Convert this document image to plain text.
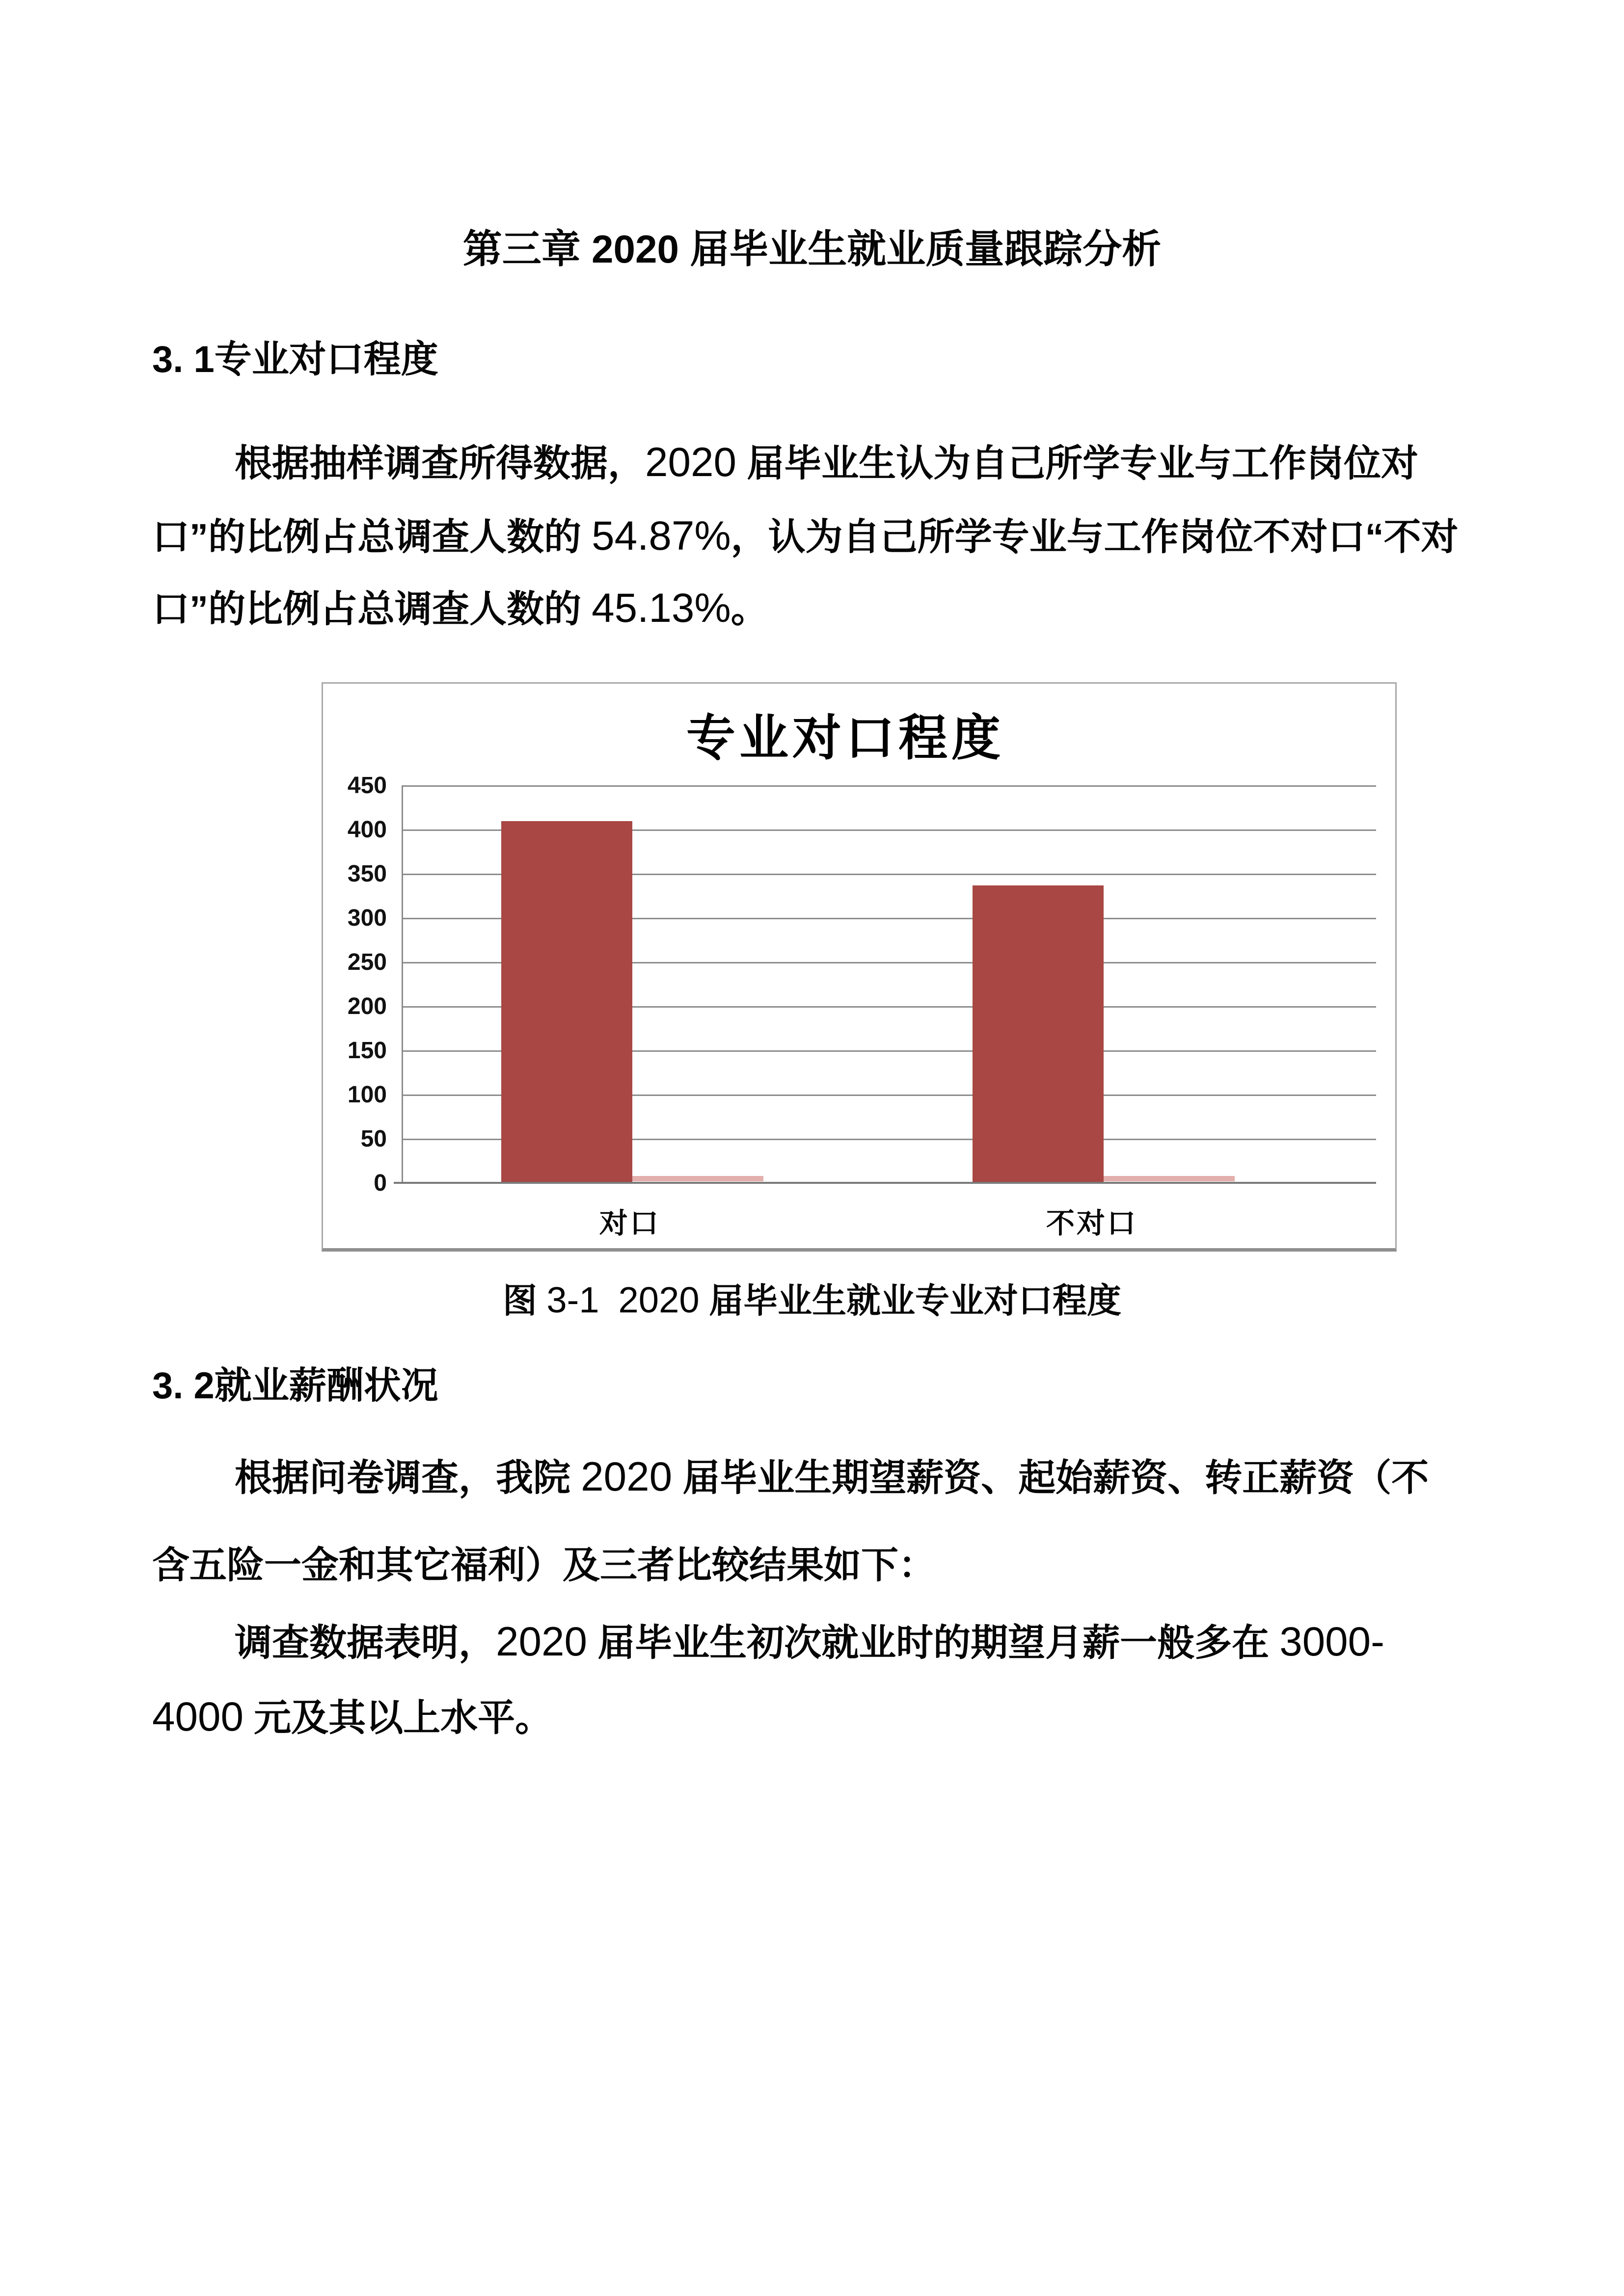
第三章 2020 届毕业生就业质量跟踪分析
3. 1专业对口程度
根据抽样调查所得数据，2020 届毕业生认为自己所学专业与工作岗位对
口”的比例占总调查人数的 54.87%，认为自己所学专业与工作岗位不对口“不对
口”的比例占总调查人数的 45.13%。
专业对口程度
450
400
350
300
250
200
150
100
50
0
对口	不对口
图 3-1 2020 届毕业生就业专业对口程度
3. 2就业薪酬状况
根据问卷调查，我院 2020 届毕业生期望薪资、起始薪资、转正薪资（不
含五险一金和其它福利）及三者比较结果如下：
调查数据表明，2020 届毕业生初次就业时的期望月薪一般多在 3000-
4000 元及其以上水平。
